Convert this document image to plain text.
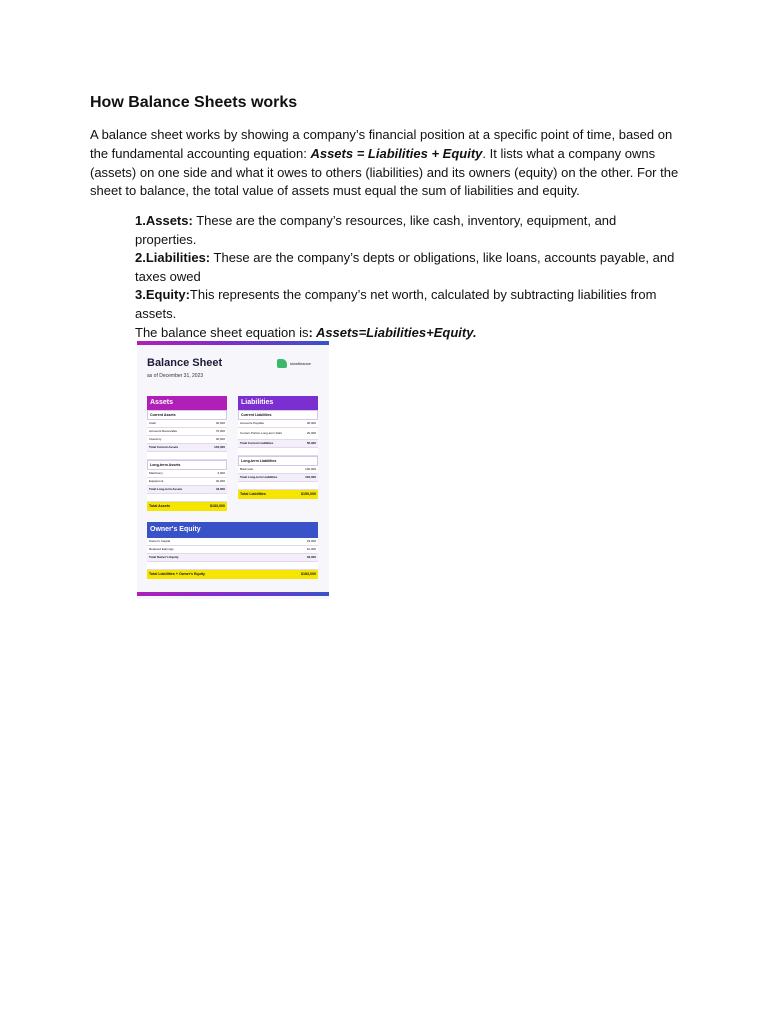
How Balance Sheets works
A balance sheet works by showing a company’s financial position at a specific point of time, based on the fundamental accounting equation: Assets = Liabilities + Equity. It lists what a company owns (assets) on one side and what it owes to others (liabilities) and its owners (equity) on the other. For the sheet to balance, the total value of assets must equal the sum of liabilities and equity.

1.Assets: These are the company’s resources, like cash, inventory, equipment, and properties.

2.Liabilities: These are the company’s depts or obligations, like loans, accounts payable, and taxes owed

3.Equity:This represents the company’s net worth, calculated by subtracting liabilities from assets.

The balance sheet equation is: Assets=Liabilities+Equity.

Balance Sheet
as of December 31, 2023
slowfinance
Assets
Current Assets
Cash	40,000
Accounts Receivable	70,000
Inventory	30,000
Total Current Assets	140,000
Long-term Assets
Machinery	3,000
Equipment	40,000
Total Long-term Assets	43,000
Total Assets	$183,000
Liabilities
Current Liabilities
Accounts Payable	30,000
Current Portion Long-term Debt	20,000
Total Current Liabilities	50,000
Long-term Liabilities
Bank loan	100,000
Total Long-term Liabilities	100,000
Total Liabilities	$150,000
Owner's Equity
Owner's Capital	23,000
Retained Earnings	10,000
Total Owner's Equity	33,000
Total Liabilities + Owner's Equity	$183,000
